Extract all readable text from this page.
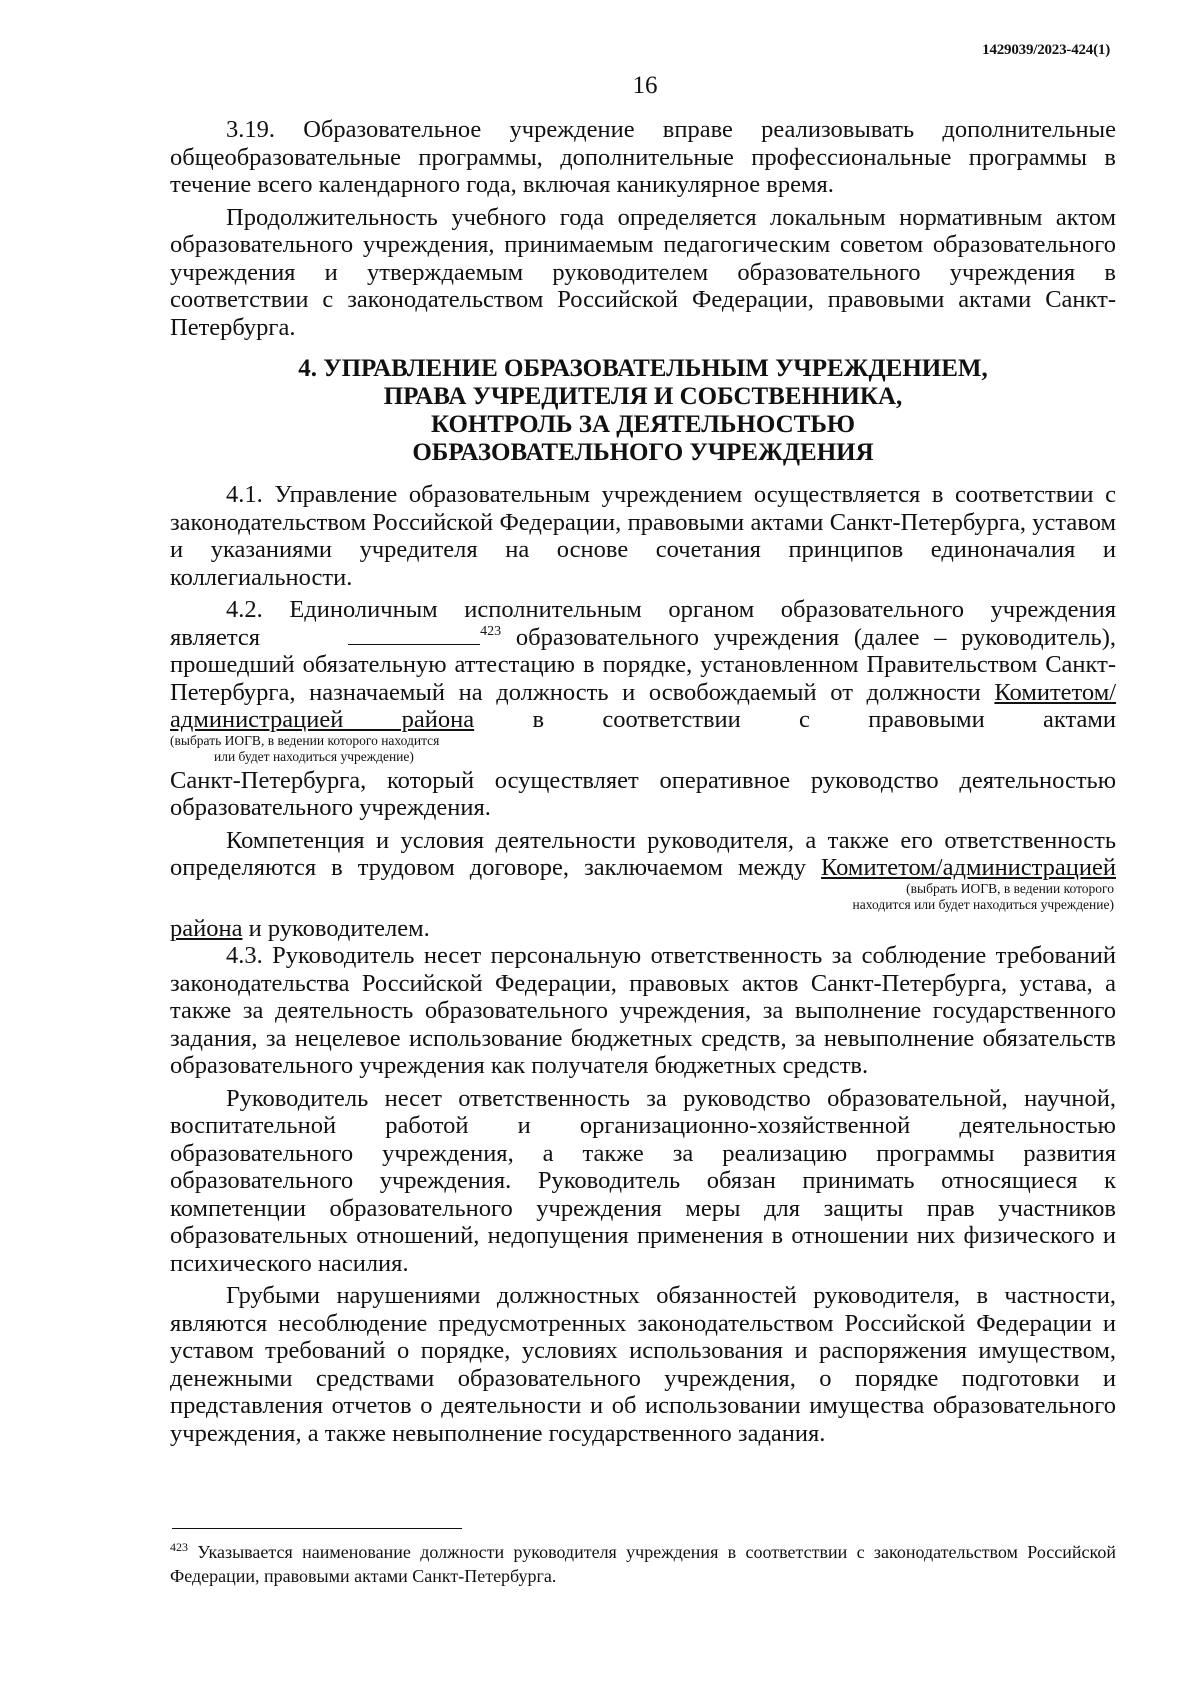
1429039/2023-424(1)
16

3.19. Образовательное учреждение вправе реализовывать дополнительные общеобразовательные программы, дополнительные профессиональные программы в течение всего календарного года, включая каникулярное время.

Продолжительность учебного года определяется локальным нормативным актом образовательного учреждения, принимаемым педагогическим советом образовательного учреждения и утверждаемым руководителем образовательного учреждения в соответствии с законодательством Российской Федерации, правовыми актами Санкт-Петербурга.

4. УПРАВЛЕНИЕ ОБРАЗОВАТЕЛЬНЫМ УЧРЕЖДЕНИЕМ,
ПРАВА УЧРЕДИТЕЛЯ И СОБСТВЕННИКА,
КОНТРОЛЬ ЗА ДЕЯТЕЛЬНОСТЬЮ
ОБРАЗОВАТЕЛЬНОГО УЧРЕЖДЕНИЯ

4.1. Управление образовательным учреждением осуществляется в соответствии с законодательством Российской Федерации, правовыми актами Санкт-Петербурга, уставом и указаниями учредителя на основе сочетания принципов единоначалия и коллегиальности.

4.2. Единоличным исполнительным органом образовательного учреждения является	$^{423}$ образовательного учреждения (далее – руководитель), прошедший обязательную аттестацию в порядке, установленном Правительством Санкт-Петербурга, назначаемый на должность и освобождаемый от должности Комитетом/администрацией района в соответствии с правовыми актами

(выбрать ИОГВ, в ведении которого находится
или будет находиться учреждение)

Санкт-Петербурга, который осуществляет оперативное руководство деятельностью образовательного учреждения.

Компетенция и условия деятельности руководителя, а также его ответственность определяются в трудовом договоре, заключаемом между Комитетом/администрацией

(выбрать ИОГВ, в ведении которого
находится или будет находиться учреждение)

района и руководителем.

4.3. Руководитель несет персональную ответственность за соблюдение требований законодательства Российской Федерации, правовых актов Санкт-Петербурга, устава, а также за деятельность образовательного учреждения, за выполнение государственного задания, за нецелевое использование бюджетных средств, за невыполнение обязательств образовательного учреждения как получателя бюджетных средств.

Руководитель несет ответственность за руководство образовательной, научной, воспитательной работой и организационно-хозяйственной деятельностью образовательного учреждения, а также за реализацию программы развития образовательного учреждения. Руководитель обязан принимать относящиеся к компетенции образовательного учреждения меры для защиты прав участников образовательных отношений, недопущения применения в отношении них физического и психического насилия.

Грубыми нарушениями должностных обязанностей руководителя, в частности, являются несоблюдение предусмотренных законодательством Российской Федерации и уставом требований о порядке, условиях использования и распоряжения имуществом, денежными средствами образовательного учреждения, о порядке подготовки и представления отчетов о деятельности и об использовании имущества образовательного учреждения, а также невыполнение государственного задания.

$^{423}$ Указывается наименование должности руководителя учреждения в соответствии с законодательством Российской Федерации, правовыми актами Санкт-Петербурга.
